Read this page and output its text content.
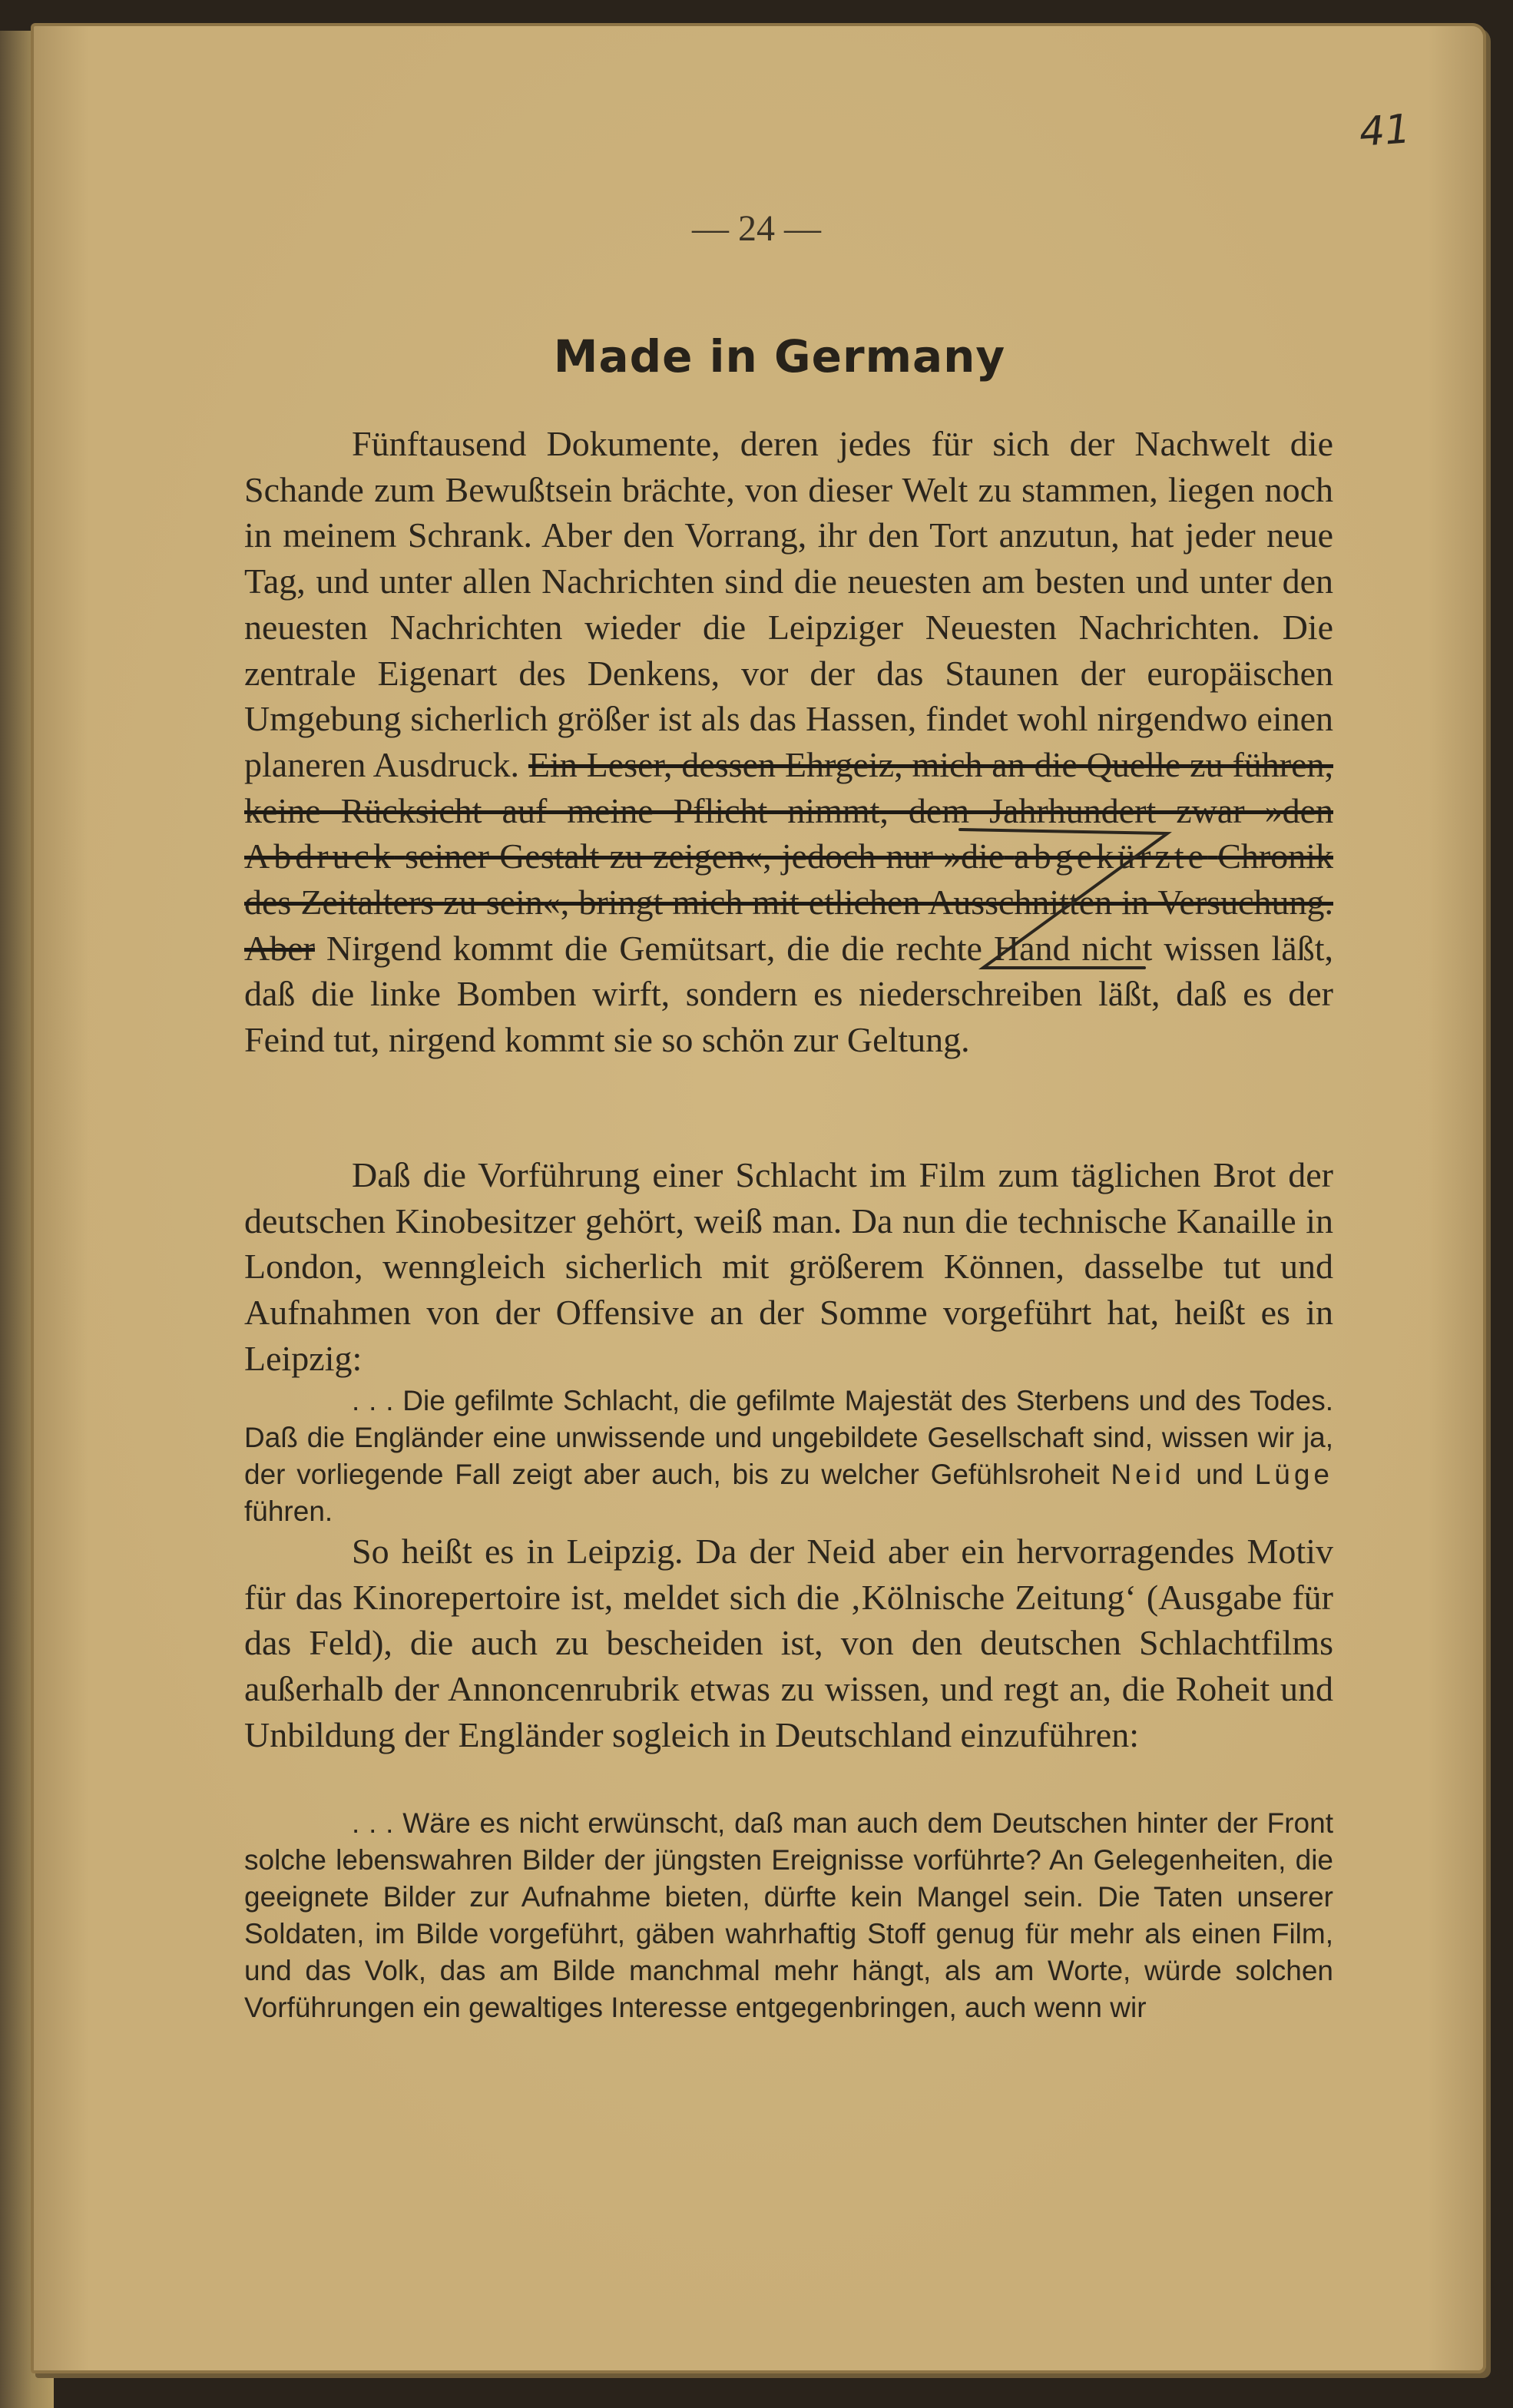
41
— 24 —
Made in Germany
Fünftausend Dokumente, deren jedes für sich der Nachwelt die Schande zum Bewußtsein brächte, von dieser Welt zu stammen, liegen noch in meinem Schrank. Aber den Vorrang, ihr den Tort anzutun, hat jeder neue Tag, und unter allen Nachrichten sind die neuesten am besten und unter den neuesten Nachrichten wieder die Leipziger Neuesten Nachrichten. Die zentrale Eigenart des Denkens, vor der das Staunen der europäischen Umgebung sicherlich größer ist als das Hassen, findet wohl nirgendwo einen planeren Ausdruck. Ein Leser, dessen Ehrgeiz, mich an die Quelle zu führen, keine Rücksicht auf meine Pflicht nimmt, dem Jahrhundert zwar »den Abdruck seiner Gestalt zu zeigen«, jedoch nur »die abgekürzte Chronik des Zeitalters zu sein«, bringt mich mit etlichen Ausschnitten in Versuchung. Aber Nirgend kommt die Gemütsart, die die rechte Hand nicht wissen läßt, daß die linke Bomben wirft, sondern es niederschreiben läßt, daß es der Feind tut, nirgend kommt sie so schön zur Geltung.
Daß die Vorführung einer Schlacht im Film zum täglichen Brot der deutschen Kinobesitzer gehört, weiß man. Da nun die technische Kanaille in London, wenngleich sicherlich mit größerem Können, dasselbe tut und Aufnahmen von der Offensive an der Somme vorgeführt hat, heißt es in Leipzig:
. . . Die gefilmte Schlacht, die gefilmte Majestät des Sterbens und des Todes. Daß die Engländer eine unwissende und ungebildete Gesellschaft sind, wissen wir ja, der vorliegende Fall zeigt aber auch, bis zu welcher Gefühlsroheit Neid und Lüge führen.
So heißt es in Leipzig. Da der Neid aber ein hervorragendes Motiv für das Kinorepertoire ist, meldet sich die ‚Kölnische Zeitung‘ (Ausgabe für das Feld), die auch zu bescheiden ist, von den deutschen Schlachtfilms außerhalb der Annoncenrubrik etwas zu wissen, und regt an, die Roheit und Unbildung der Engländer sogleich in Deutschland einzuführen:
. . . Wäre es nicht erwünscht, daß man auch dem Deutschen hinter der Front solche lebenswahren Bilder der jüngsten Ereignisse vorführte? An Gelegenheiten, die geeignete Bilder zur Aufnahme bieten, dürfte kein Mangel sein. Die Taten unserer Soldaten, im Bilde vorgeführt, gäben wahrhaftig Stoff genug für mehr als einen Film, und das Volk, das am Bilde manchmal mehr hängt, als am Worte, würde solchen Vorführungen ein gewaltiges Interesse entgegenbringen, auch wenn wir
